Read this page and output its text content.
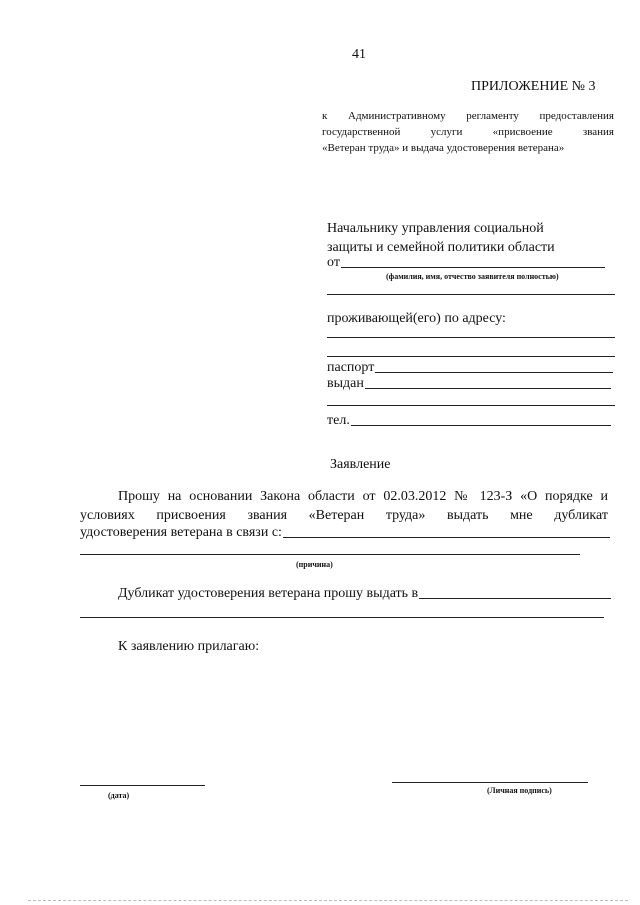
41
ПРИЛОЖЕНИЕ № 3
к Административному регламенту предоставления
государственной услуги «присвоение звания
«Ветеран труда» и выдача удостоверения ветерана»
Начальнику управления социальной
защиты и семейной политики области
от
(фамилия, имя, отчество заявителя полностью)
проживающей(его) по адресу:
паспорт
выдан
тел.
Заявление
Прошу на основании Закона области от 02.03.2012 № 123-З «О порядке и
условиях присвоения звания «Ветеран труда» выдать мне дубликат
удостоверения ветерана в связи с:
(причина)
Дубликат удостоверения ветерана прошу выдать в
К заявлению прилагаю:
(дата)
(Личная подпись)
